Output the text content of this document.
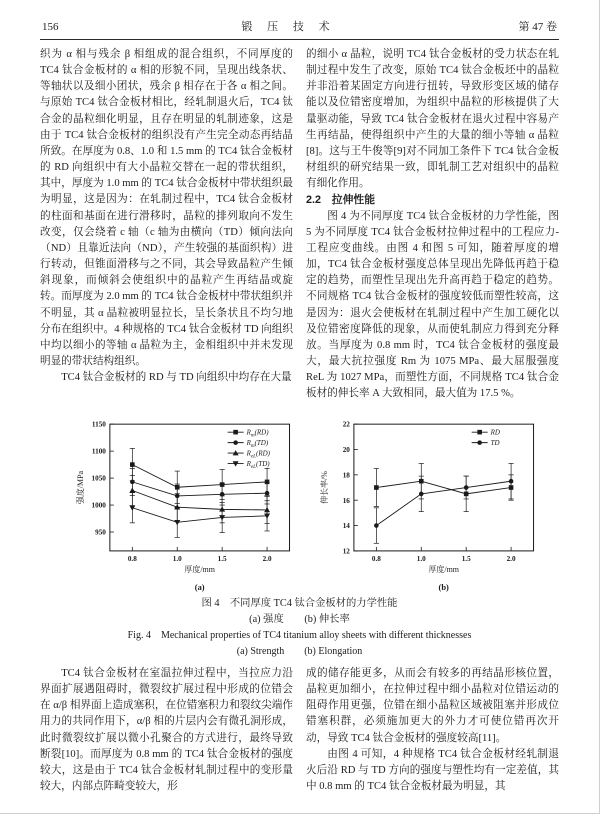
156	锻 压 技 术	第 47 卷

织为 α 相与残余 β 相组成的混合组织，不同厚度的 TC4 钛合金板材的 α 相的形貌不同，呈现出线条状、等轴状以及细小团状，残余 β 相存在于各 α 相之间。与原始 TC4 钛合金板材相比，经轧制退火后，TC4 钛合金的晶粒细化明显，且存在明显的轧制迹象，这是由于 TC4 钛合金板材的组织没有产生完全动态再结晶所致。在厚度为 0.8、1.0 和 1.5 mm 的 TC4 钛合金板材的 RD 向组织中有大小晶粒交替在一起的带状组织，其中，厚度为 1.0 mm 的 TC4 钛合金板材中带状组织最为明显，这是因为：在轧制过程中，TC4 钛合金板材的柱面和基面在进行滑移时，晶粒的排列取向不发生改变，仅会绕着 c 轴（c 轴为由横向（TD）倾向法向（ND）且靠近法向（ND），产生较强的基面织构）进行转动，但锥面滑移与之不同，其会导致晶粒产生倾斜现象，而倾斜会使组织中的晶粒产生再结晶或旋转。而厚度为 2.0 mm 的 TC4 钛合金板材中带状组织并不明显，其 α 晶粒被明显拉长，呈长条状且不均匀地分布在组织中。4 种规格的 TC4 钛合金板材 TD 向组织中均以细小的等轴 α 晶粒为主，金相组织中并未发现明显的带状结构组织。

TC4 钛合金板材的 RD 与 TD 向组织中均存在大量

的细小 α 晶粒，说明 TC4 钛合金板材的受力状态在轧制过程中发生了改变，原始 TC4 钛合金板坯中的晶粒并非沿着某固定方向进行扭转，导致形变区域的储存能以及位错密度增加，为组织中晶粒的形核提供了大量驱动能，导致 TC4 钛合金板材在退火过程中容易产生再结晶，使得组织中产生的大量的细小等轴 α 晶粒[8]。这与王牛俊等[9]对不同加工条件下 TC4 钛合金板材组织的研究结果一致，即轧制工艺对组织中的晶粒有细化作用。

2.2　拉伸性能

图 4 为不同厚度 TC4 钛合金板材的力学性能，图 5 为不同厚度 TC4 钛合金板材拉伸过程中的工程应力-工程应变曲线。由图 4 和图 5 可知，随着厚度的增加，TC4 钛合金板材强度总体呈现出先降低再趋于稳定的趋势，而塑性呈现出先升高再趋于稳定的趋势。不同规格 TC4 钛合金板材的强度较低而塑性较高，这是因为：退火会使板材在轧制过程中产生加工硬化以及位错密度降低的现象，从而使轧制应力得到充分释放。当厚度为 0.8 mm 时，TC4 钛合金板材的强度最大，最大抗拉强度 Rm 为 1075 MPa、最大屈服强度 ReL 为 1027 MPa，而塑性方面，不同规格 TC4 钛合金板材的伸长率 A 大致相同，最大值为 17.5 %。

950
1000
1050
1100
1150
0.8	1.0	1.5	2.0
厚度/mm
强度/MPa
(a)
$R_m(RD)$
$R_m(TD)$
$R_{eL}(RD)$
$R_{eL}(TD)$
12
14
16
18
20
22
0.8	1.0	1.5	2.0
厚度/mm
伸长率/%
(b)
RD
TD
图 4　不同厚度 TC4 钛合金板材的力学性能
(a) 强度　　(b) 伸长率
Fig. 4　Mechanical properties of TC4 titanium alloy sheets with different thicknesses
(a) Strength　　(b) Elongation

TC4 钛合金板材在室温拉伸过程中，当拉应力沿界面扩展遇阻碍时，微裂纹扩展过程中形成的位错会在 α/β 相界面上造成塞积，在位错塞积力和裂纹尖端作用力的共同作用下，α/β 相的片层内会有微孔洞形成，此时微裂纹扩展以微小孔聚合的方式进行，最终导致断裂[10]。而厚度为 0.8 mm 的 TC4 钛合金板材的强度较大，这是由于 TC4 钛合金板材轧制过程中的变形量较大，内部点阵畸变较大，形

成的储存能更多，从而会有较多的再结晶形核位置，晶粒更加细小，在拉伸过程中细小晶粒对位错运动的阻碍作用更强，位错在细小晶粒区域被阻塞并形成位错塞积群，必须施加更大的外力才可使位错再次开动，导致 TC4 钛合金板材的强度较高[11]。

由图 4 可知，4 种规格 TC4 钛合金板材经轧制退火后沿 RD 与 TD 方向的强度与塑性均有一定差值，其中 0.8 mm 的 TC4 钛合金板材最为明显，其
